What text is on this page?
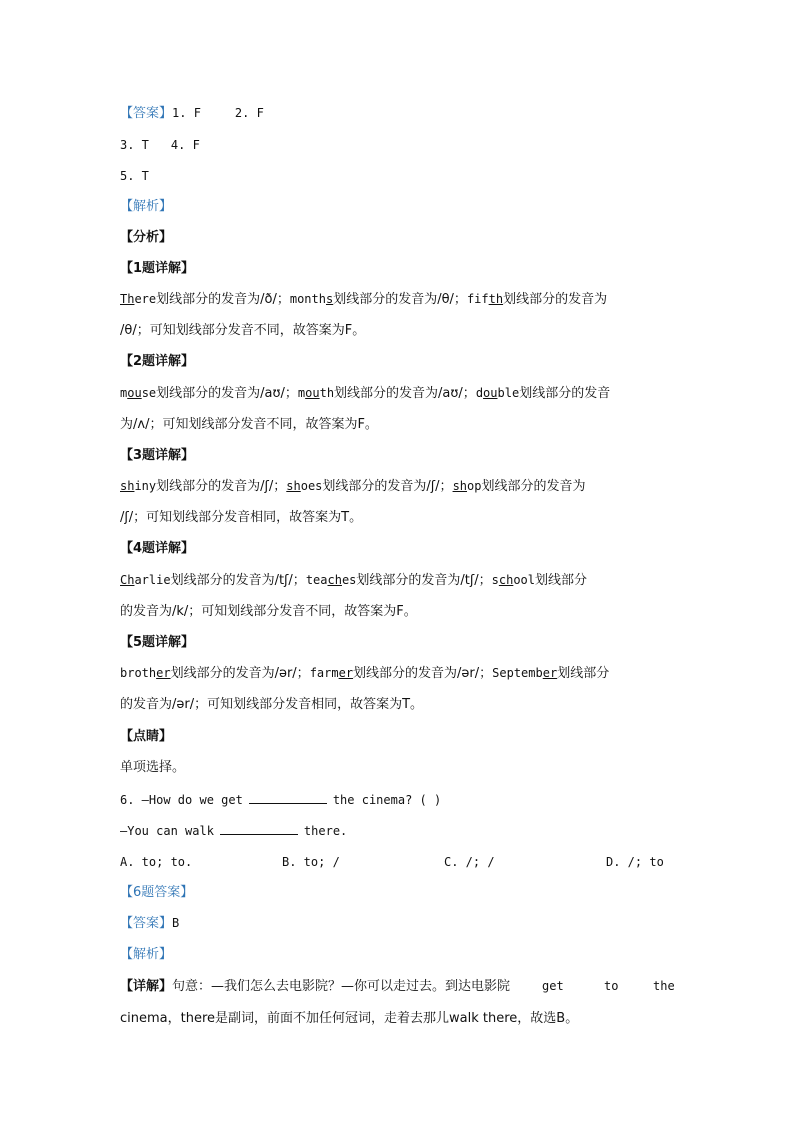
【答案】1. F	2. F
3. T 4. F
5. T
【解析】
【分析】
【1题详解】
There划线部分的发音为/ð/；months划线部分的发音为/θ/；fifth划线部分的发音为
/θ/；可知划线部分发音不同，故答案为F。
【2题详解】
mouse划线部分的发音为/aʊ/；mouth划线部分的发音为/aʊ/；double划线部分的发音
为/ʌ/；可知划线部分发音不同，故答案为F。
【3题详解】
shiny划线部分的发音为/ʃ/；shoes划线部分的发音为/ʃ/；shop划线部分的发音为
/ʃ/；可知划线部分发音相同，故答案为T。
【4题详解】
Charlie划线部分的发音为/tʃ/；teaches划线部分的发音为/tʃ/；school划线部分
的发音为/k/；可知划线部分发音不同，故答案为F。
【5题详解】
brother划线部分的发音为/ər/；farmer划线部分的发音为/ər/；September划线部分
的发音为/ər/；可知划线部分发音相同，故答案为T。
【点睛】
单项选择。
6. —How do we get	the cinema? ( )
—You can walk	there.
A. to; to.	B. to; /	C. /; /	D. /; to
【6题答案】
【答案】B
【解析】
【详解】句意：—我们怎么去电影院？—你可以走过去。到达电影院	get	to	the
cinema，there是副词，前面不加任何冠词，走着去那儿walk there，故选B。
